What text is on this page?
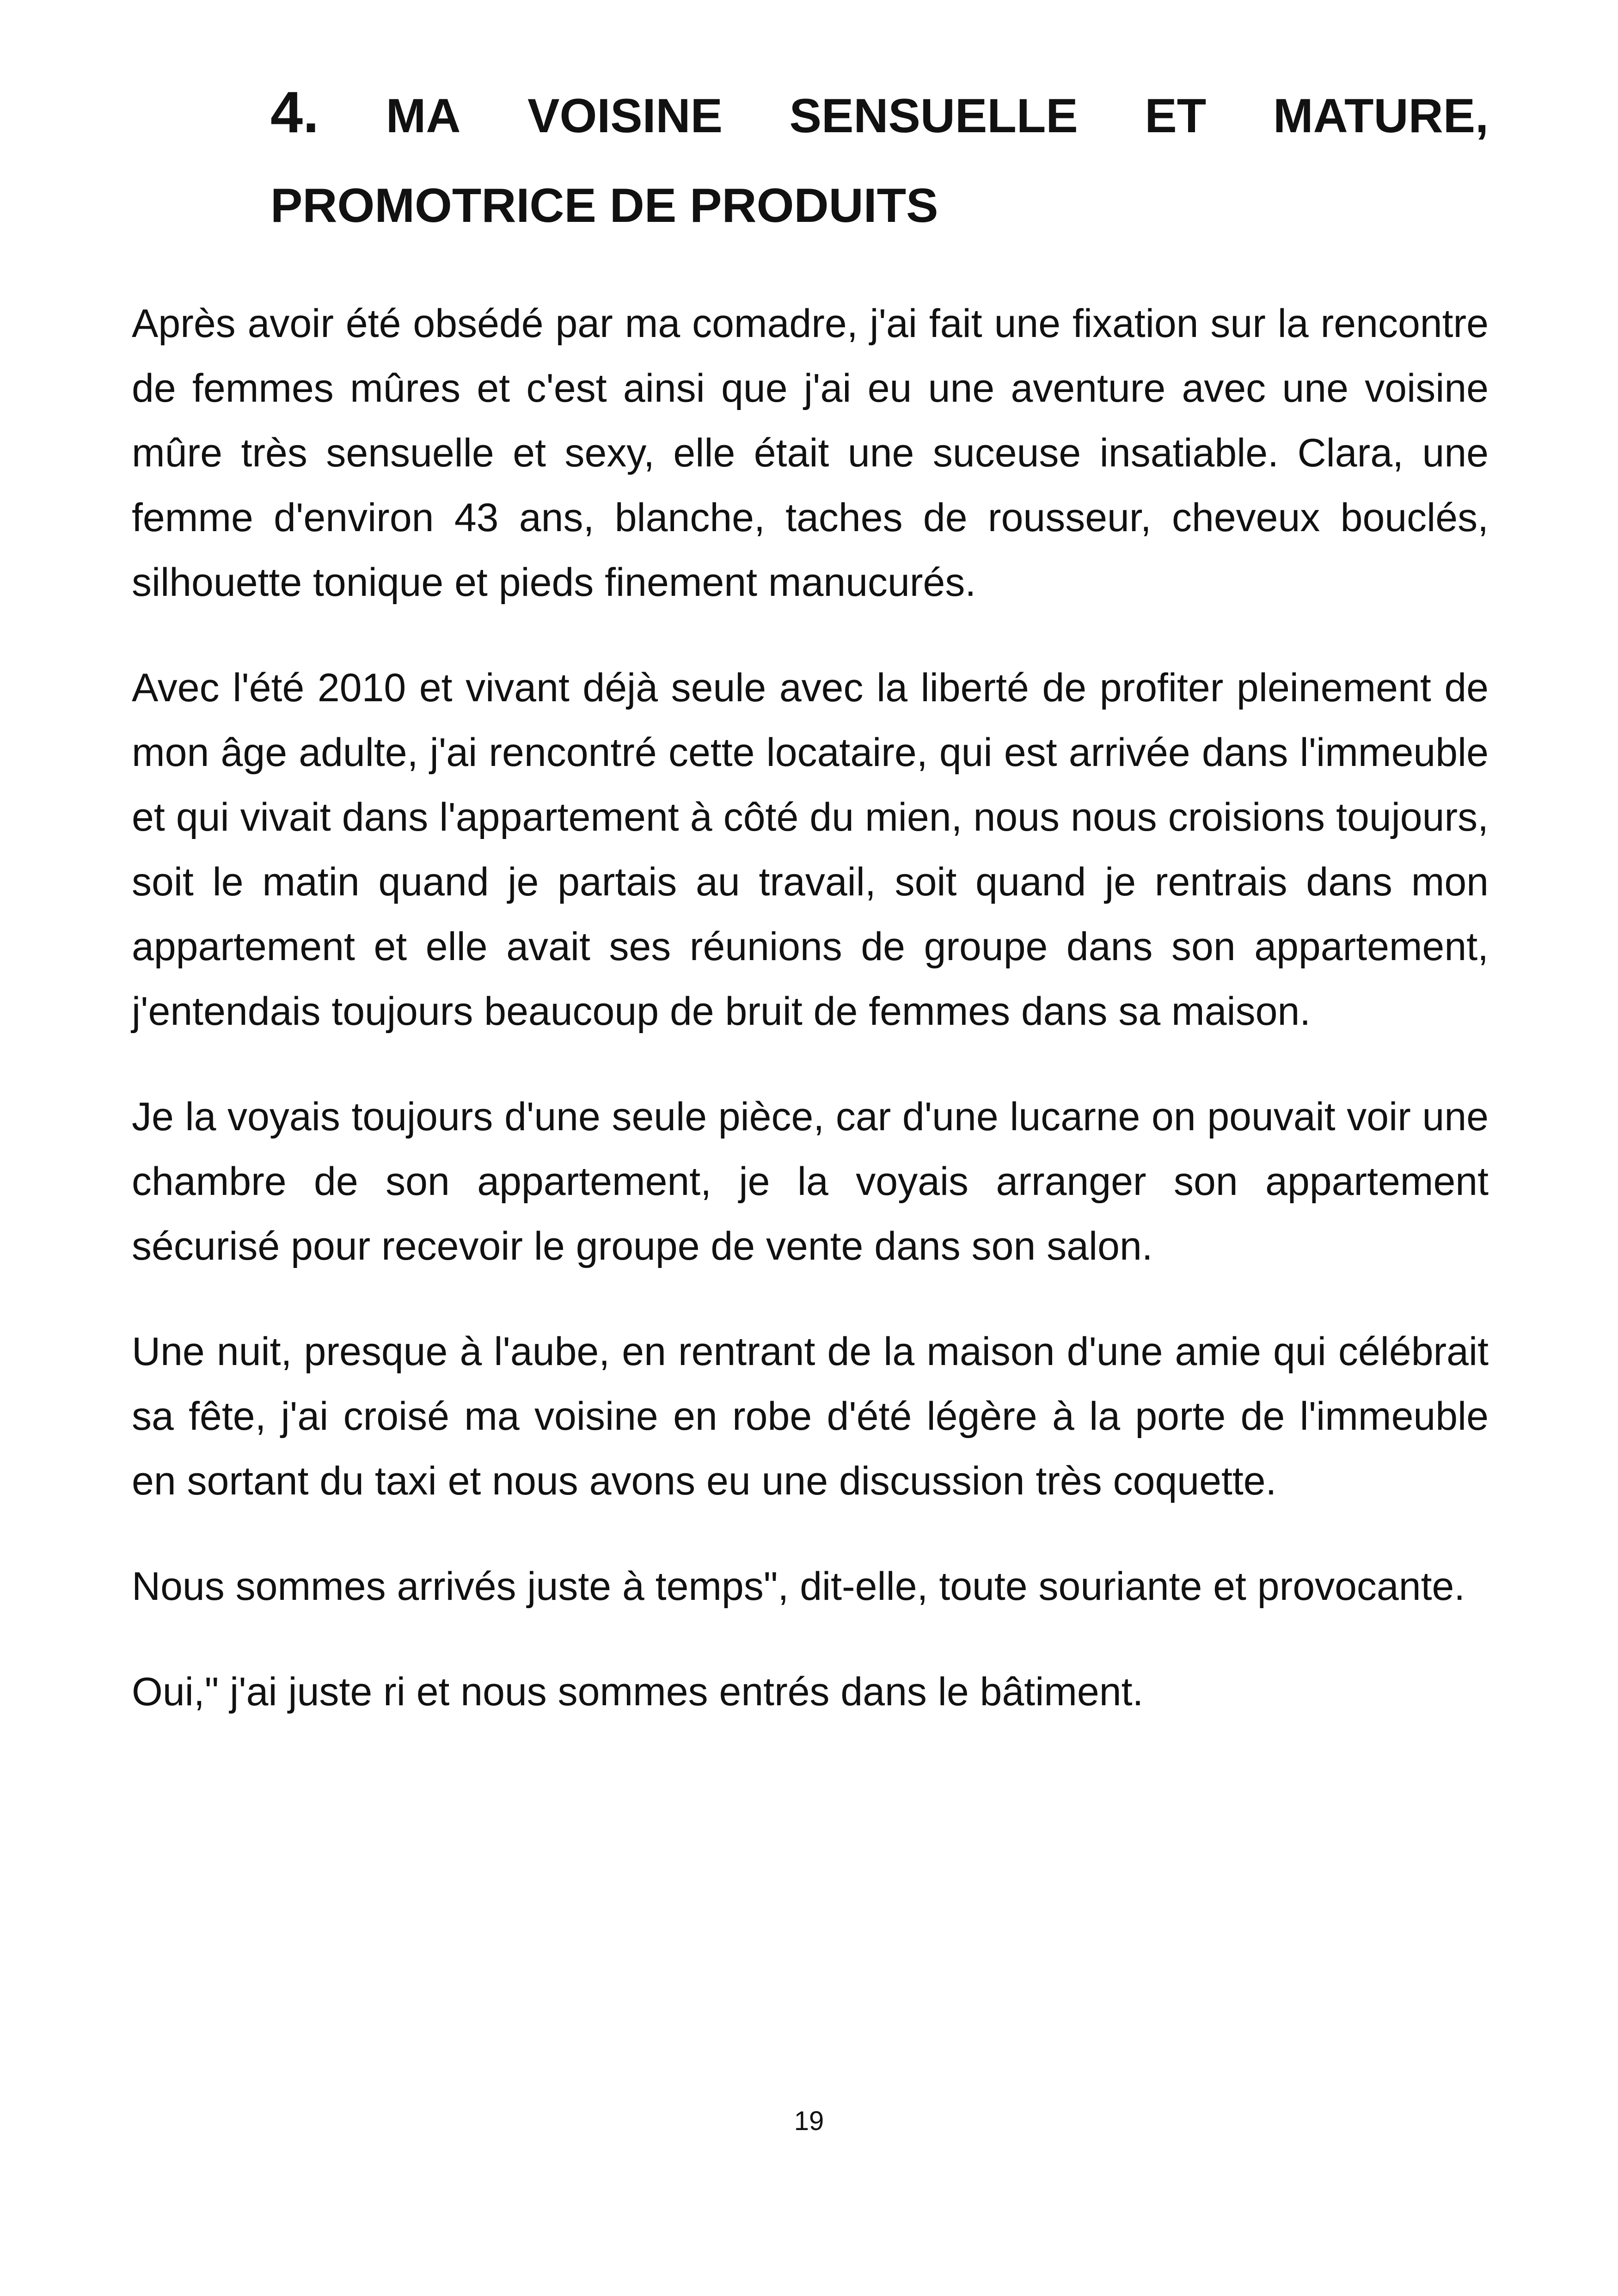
4. MA VOISINE SENSUELLE ET MATURE,
PROMOTRICE DE PRODUITS

Après avoir été obsédé par ma comadre, j'ai fait une fixation sur la rencontre de femmes mûres et c'est ainsi que j'ai eu une aventure avec une voisine mûre très sensuelle et sexy, elle était une suceuse insatiable. Clara, une femme d'environ 43 ans, blanche, taches de rousseur, cheveux bouclés, silhouette tonique et pieds finement manucurés.

Avec l'été 2010 et vivant déjà seule avec la liberté de profiter pleinement de mon âge adulte, j'ai rencontré cette locataire, qui est arrivée dans l'immeuble et qui vivait dans l'appartement à côté du mien, nous nous croisions toujours, soit le matin quand je partais au travail, soit quand je rentrais dans mon appartement et elle avait ses réunions de groupe dans son appartement, j'entendais toujours beaucoup de bruit de femmes dans sa maison.

Je la voyais toujours d'une seule pièce, car d'une lucarne on pouvait voir une chambre de son appartement, je la voyais arranger son appartement sécurisé pour recevoir le groupe de vente dans son salon.

Une nuit, presque à l'aube, en rentrant de la maison d'une amie qui célébrait sa fête, j'ai croisé ma voisine en robe d'été légère à la porte de l'immeuble en sortant du taxi et nous avons eu une discussion très coquette.

Nous sommes arrivés juste à temps", dit-elle, toute souriante et provocante.

Oui," j'ai juste ri et nous sommes entrés dans le bâtiment.

19
